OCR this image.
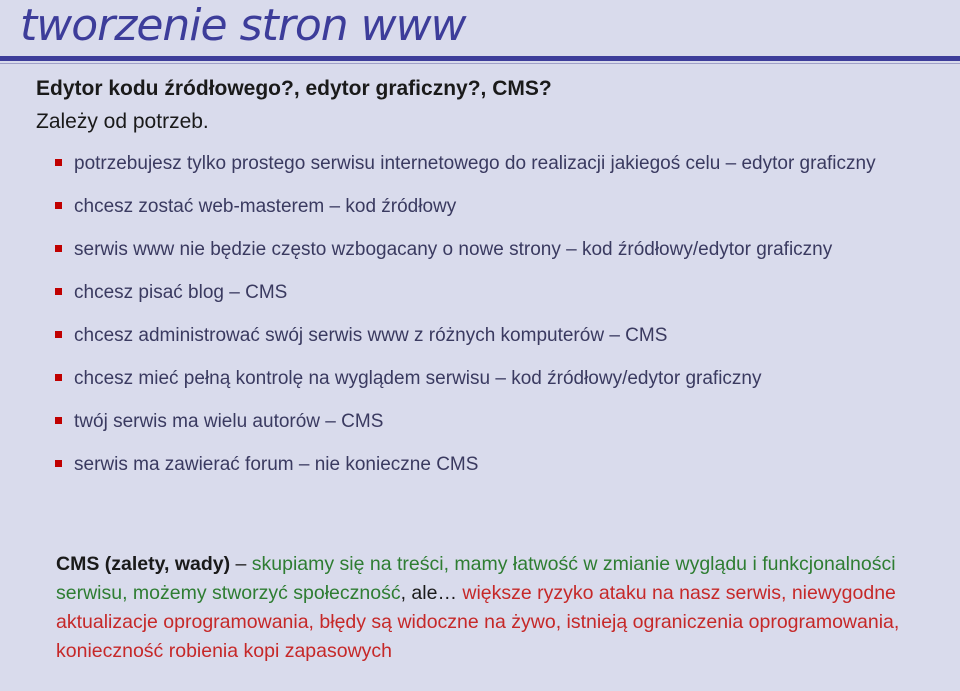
tworzenie stron www
Edytor kodu źródłowego?, edytor graficzny?, CMS?
Zależy od potrzeb.
potrzebujesz tylko prostego serwisu internetowego do realizacji jakiegoś celu – edytor graficzny
chcesz zostać web-masterem – kod źródłowy
serwis www nie będzie często wzbogacany o nowe strony – kod źródłowy/edytor graficzny
chcesz pisać blog – CMS
chcesz administrować swój serwis www z różnych komputerów – CMS
chcesz mieć pełną kontrolę na wyglądem serwisu – kod źródłowy/edytor graficzny
twój serwis ma wielu autorów – CMS
serwis ma zawierać forum – nie konieczne CMS
CMS (zalety, wady) – skupiamy się na treści, mamy łatwość w zmianie wyglądu i funkcjonalności serwisu, możemy stworzyć społeczność, ale… większe ryzyko ataku na nasz serwis, niewygodne aktualizacje oprogramowania, błędy są widoczne na żywo, istnieją ograniczenia oprogramowania, konieczność robienia kopi zapasowych
